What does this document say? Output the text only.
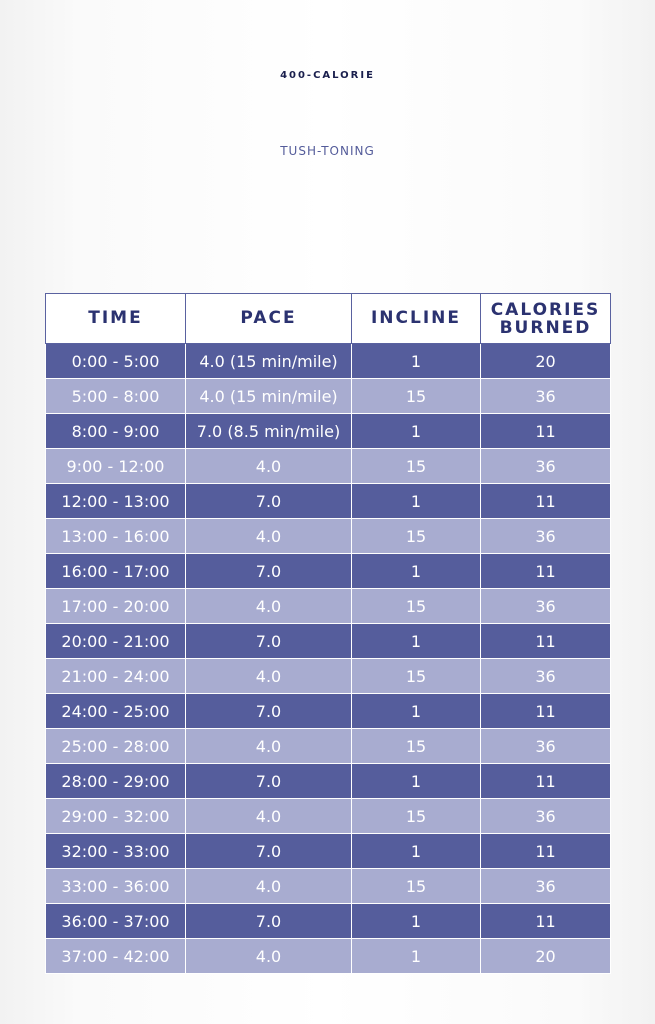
400-CALORIE
TUSH-TONING
TIME	PACE	INCLINE	CALORIES
BURNED
0:00 - 5:00	4.0 (15 min/mile)	1	20
5:00 - 8:00	4.0 (15 min/mile)	15	36
8:00 - 9:00	7.0 (8.5 min/mile)	1	11
9:00 - 12:00	4.0	15	36
12:00 - 13:00	7.0	1	11
13:00 - 16:00	4.0	15	36
16:00 - 17:00	7.0	1	11
17:00 - 20:00	4.0	15	36
20:00 - 21:00	7.0	1	11
21:00 - 24:00	4.0	15	36
24:00 - 25:00	7.0	1	11
25:00 - 28:00	4.0	15	36
28:00 - 29:00	7.0	1	11
29:00 - 32:00	4.0	15	36
32:00 - 33:00	7.0	1	11
33:00 - 36:00	4.0	15	36
36:00 - 37:00	7.0	1	11
37:00 - 42:00	4.0	1	20
